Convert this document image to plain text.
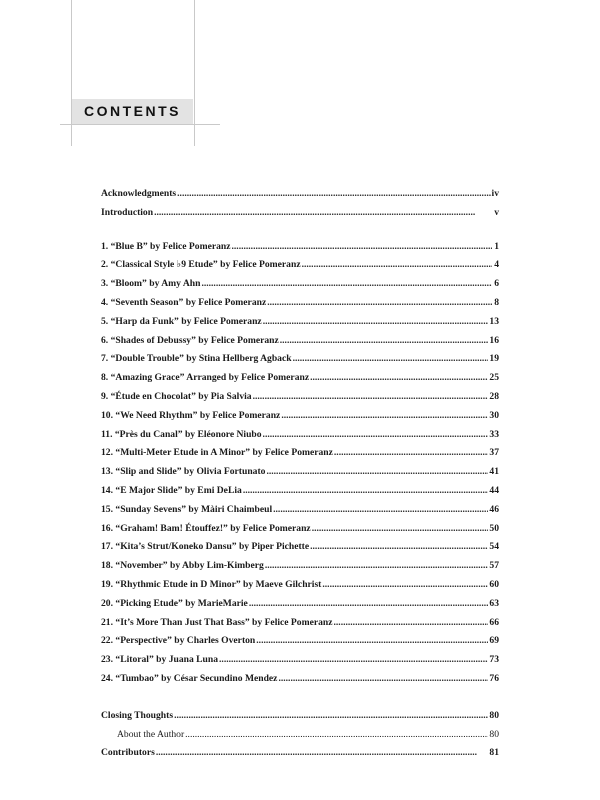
CONTENTS
Acknowledgments . . .	iv
Introduction . . .	v
1. “Blue B” by Felice Pomeranz . . .	1
2. “Classical Style ♭9 Etude” by Felice Pomeranz . . .	4
3. “Bloom” by Amy Ahn . . .	6
4. “Seventh Season” by Felice Pomeranz . . .	8
5. “Harp da Funk” by Felice Pomeranz . . .	13
6. “Shades of Debussy” by Felice Pomeranz . . .	16
7. “Double Trouble” by Stina Hellberg Agback . . .	19
8. “Amazing Grace” Arranged by Felice Pomeranz . . .	25
9. “Étude en Chocolat” by Pia Salvia . . .	28
10. “We Need Rhythm” by Felice Pomeranz . . .	30
11. “Près du Canal” by Eléonore Niubo . . .	33
12. “Multi-Meter Etude in A Minor” by Felice Pomeranz . . .	37
13. “Slip and Slide” by Olivia Fortunato . . .	41
14. “E Major Slide” by Emi DeLia . . .	44
15. “Sunday Sevens” by Màiri Chaimbeul . . .	46
16. “Graham! Bam! Étouffez!” by Felice Pomeranz . . .	50
17. “Kita’s Strut/Koneko Dansu” by Piper Pichette . . .	54
18. “November” by Abby Lim-Kimberg . . .	57
19. “Rhythmic Etude in D Minor” by Maeve Gilchrist . . .	60
20. “Picking Etude” by MarieMarie . . .	63
21. “It’s More Than Just That Bass” by Felice Pomeranz . . .	66
22. “Perspective” by Charles Overton . . .	69
23. “Litoral” by Juana Luna . . .	73
24. “Tumbao” by César Secundino Mendez . . .	76
Closing Thoughts . . .	80
About the Author . . .	80
Contributors . . .	81
